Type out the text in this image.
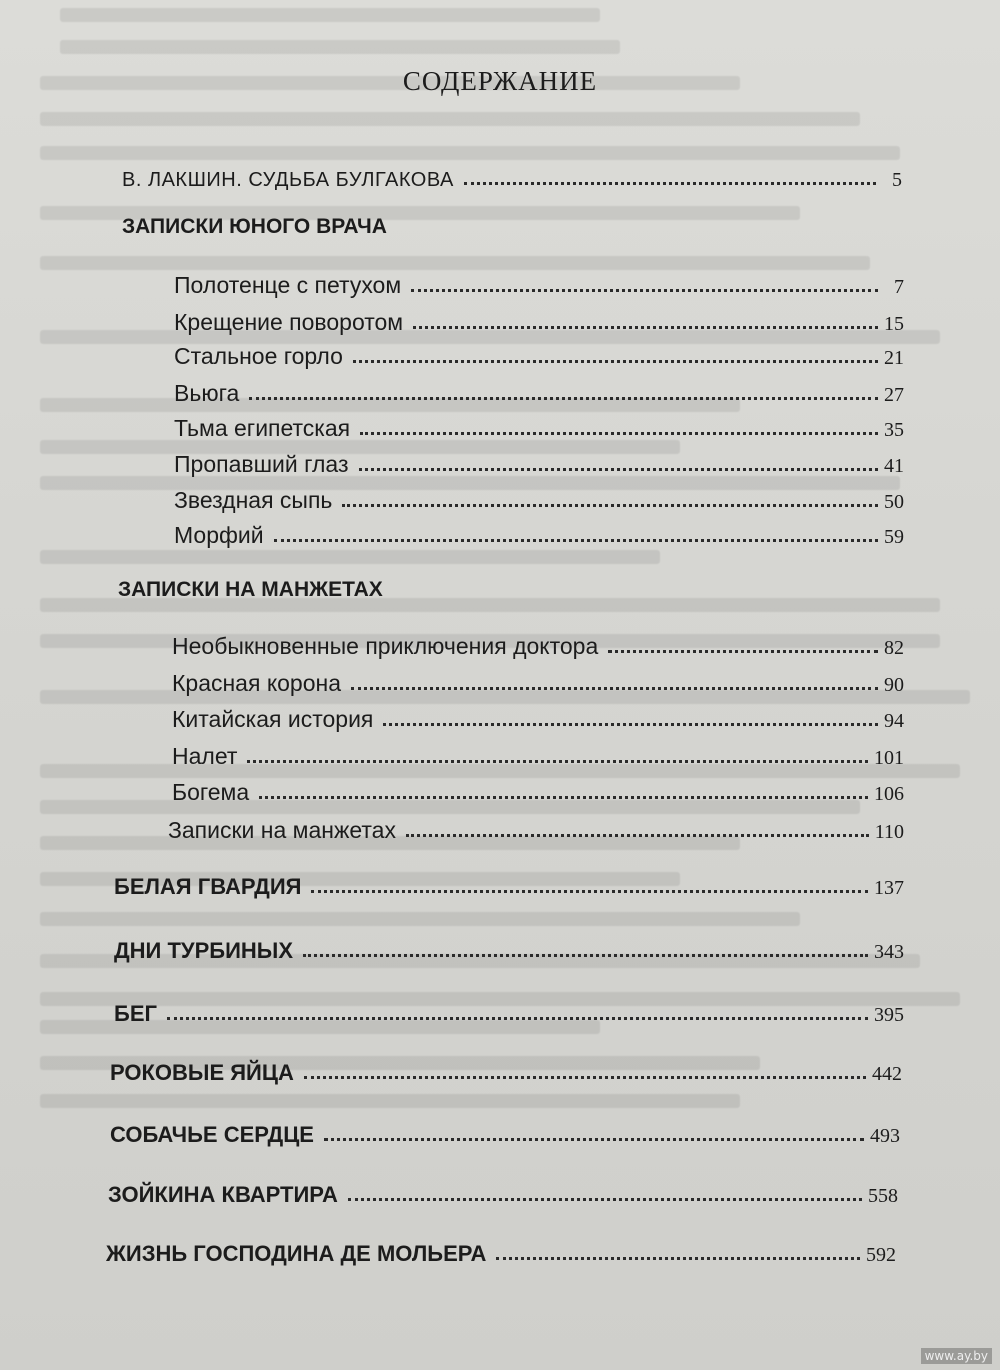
СОДЕРЖАНИЕ
В. ЛАКШИН. СУДЬБА БУЛГАКОВА	5
ЗАПИСКИ ЮНОГО ВРАЧА
Полотенце с петухом	7
Крещение поворотом	15
Стальное горло	21
Вьюга	27
Тьма египетская	35
Пропавший глаз	41
Звездная сыпь	50
Морфий	59
ЗАПИСКИ НА МАНЖЕТАХ
Необыкновенные приключения доктора	82
Красная корона	90
Китайская история	94
Налет	101
Богема	106
Записки на манжетах	110
БЕЛАЯ ГВАРДИЯ	137
ДНИ ТУРБИНЫХ	343
БЕГ	395
РОКОВЫЕ ЯЙЦА	442
СОБАЧЬЕ СЕРДЦЕ	493
ЗОЙКИНА КВАРТИРА	558
ЖИЗНЬ ГОСПОДИНА ДЕ МОЛЬЕРА	592
www.ay.by
